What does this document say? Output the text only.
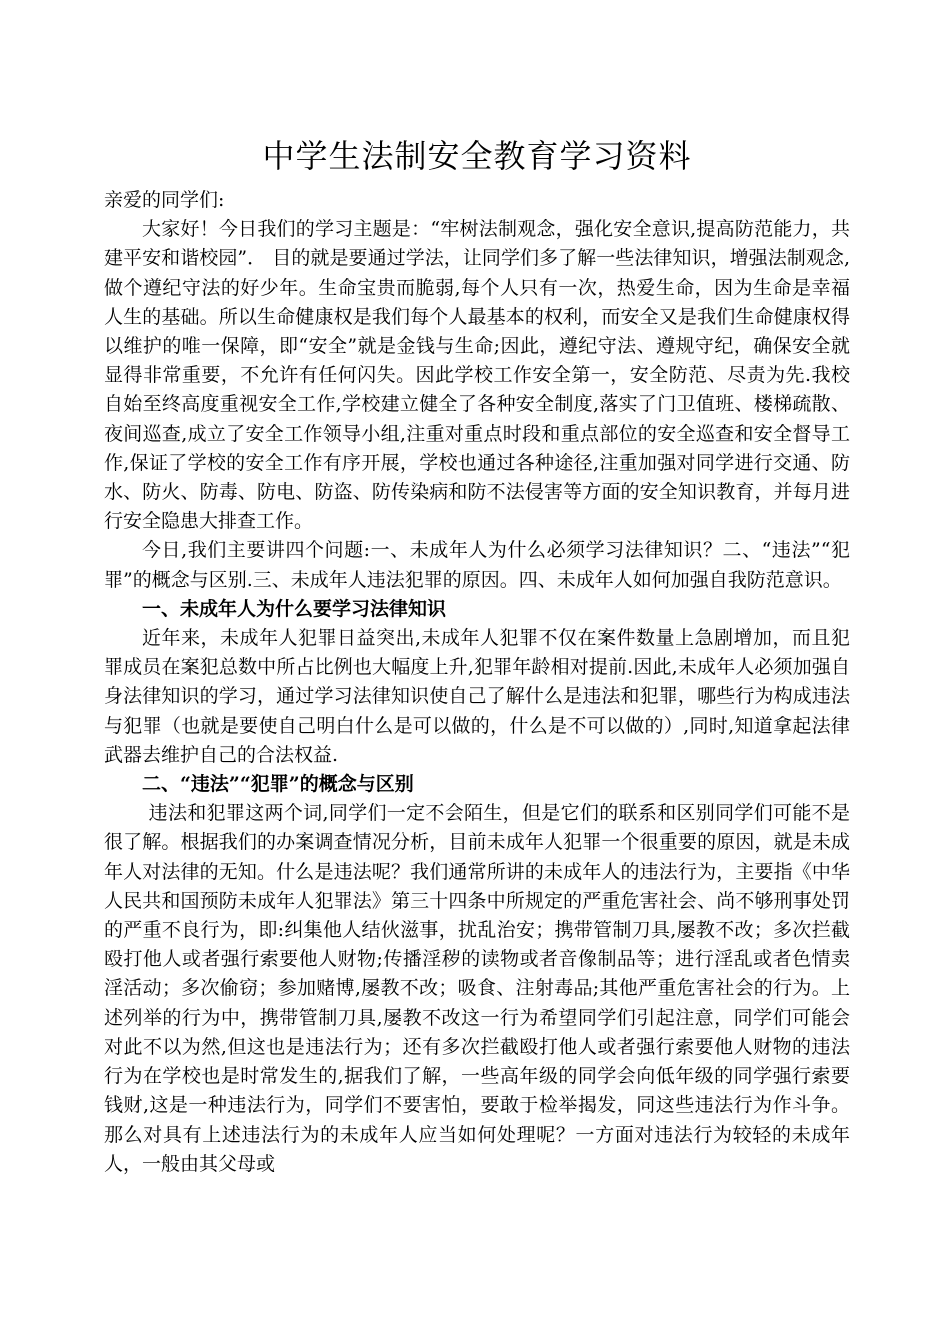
中学生法制安全教育学习资料

亲爱的同学们:

大家好！今日我们的学习主题是：“牢树法制观念，强化安全意识,提高防范能力，共建平安和谐校园”． 目的就是要通过学法，让同学们多了解一些法律知识，增强法制观念,做个遵纪守法的好少年。生命宝贵而脆弱,每个人只有一次，热爱生命，因为生命是幸福人生的基础。所以生命健康权是我们每个人最基本的权利，而安全又是我们生命健康权得以维护的唯一保障，即“安全”就是金钱与生命;因此，遵纪守法、遵规守纪，确保安全就显得非常重要，不允许有任何闪失。因此学校工作安全第一，安全防范、尽责为先.我校自始至终高度重视安全工作,学校建立健全了各种安全制度,落实了门卫值班、楼梯疏散、夜间巡查,成立了安全工作领导小组,注重对重点时段和重点部位的安全巡查和安全督导工作,保证了学校的安全工作有序开展，学校也通过各种途径,注重加强对同学进行交通、防水、防火、防毒、防电、防盗、防传染病和防不法侵害等方面的安全知识教育，并每月进行安全隐患大排查工作。

今日,我们主要讲四个问题:一、未成年人为什么必须学习法律知识？二、“违法”“犯罪”的概念与区别.三、未成年人违法犯罪的原因。四、未成年人如何加强自我防范意识。

一、未成年人为什么要学习法律知识

近年来，未成年人犯罪日益突出,未成年人犯罪不仅在案件数量上急剧增加，而且犯罪成员在案犯总数中所占比例也大幅度上升,犯罪年龄相对提前.因此,未成年人必须加强自身法律知识的学习，通过学习法律知识使自己了解什么是违法和犯罪，哪些行为构成违法与犯罪（也就是要使自己明白什么是可以做的，什么是不可以做的）,同时,知道拿起法律武器去维护自己的合法权益.

二、“违法”“犯罪”的概念与区别

违法和犯罪这两个词,同学们一定不会陌生，但是它们的联系和区别同学们可能不是很了解。根据我们的办案调查情况分析，目前未成年人犯罪一个很重要的原因，就是未成年人对法律的无知。什么是违法呢？我们通常所讲的未成年人的违法行为，主要指《中华人民共和国预防未成年人犯罪法》第三十四条中所规定的严重危害社会、尚不够刑事处罚的严重不良行为，即:纠集他人结伙滋事，扰乱治安；携带管制刀具,屡教不改；多次拦截殴打他人或者强行索要他人财物;传播淫秽的读物或者音像制品等；进行淫乱或者色情卖淫活动；多次偷窃；参加赌博,屡教不改；吸食、注射毒品;其他严重危害社会的行为。上述列举的行为中，携带管制刀具,屡教不改这一行为希望同学们引起注意，同学们可能会对此不以为然,但这也是违法行为；还有多次拦截殴打他人或者强行索要他人财物的违法行为在学校也是时常发生的,据我们了解，一些高年级的同学会向低年级的同学强行索要钱财,这是一种违法行为，同学们不要害怕，要敢于检举揭发，同这些违法行为作斗争。那么对具有上述违法行为的未成年人应当如何处理呢？一方面对违法行为较轻的未成年人，一般由其父母或
